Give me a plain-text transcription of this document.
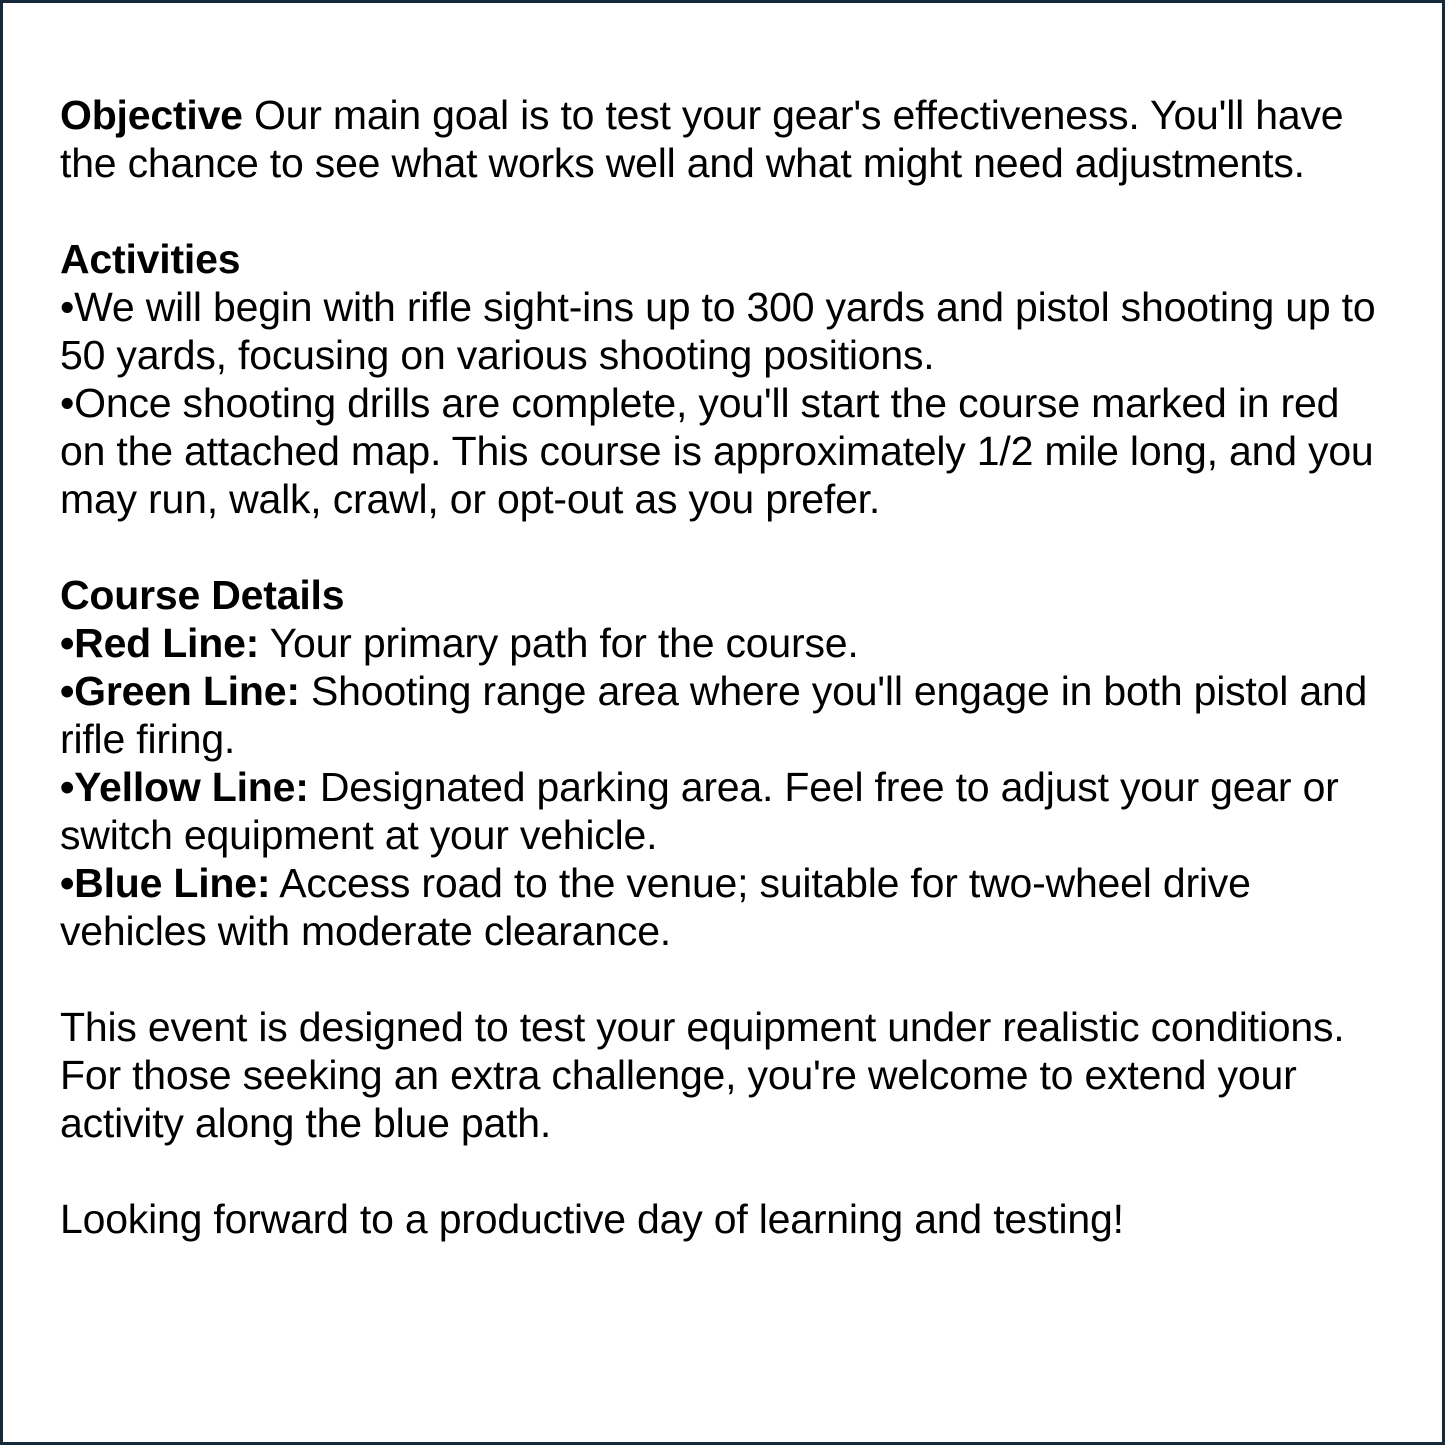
Objective Our main goal is to test your gear's effectiveness. You'll have the chance to see what works well and what might need adjustments.

Activities

•We will begin with rifle sight-ins up to 300 yards and pistol shooting up to 50 yards, focusing on various shooting positions.

•Once shooting drills are complete, you'll start the course marked in red on the attached map. This course is approximately 1/2 mile long, and you may run, walk, crawl, or opt-out as you prefer.

Course Details

•Red Line: Your primary path for the course.

•Green Line: Shooting range area where you'll engage in both pistol and rifle firing.

•Yellow Line: Designated parking area. Feel free to adjust your gear or switch equipment at your vehicle.

•Blue Line: Access road to the venue; suitable for two-wheel drive vehicles with moderate clearance.

This event is designed to test your equipment under realistic conditions. For those seeking an extra challenge, you're welcome to extend your activity along the blue path.

Looking forward to a productive day of learning and testing!
